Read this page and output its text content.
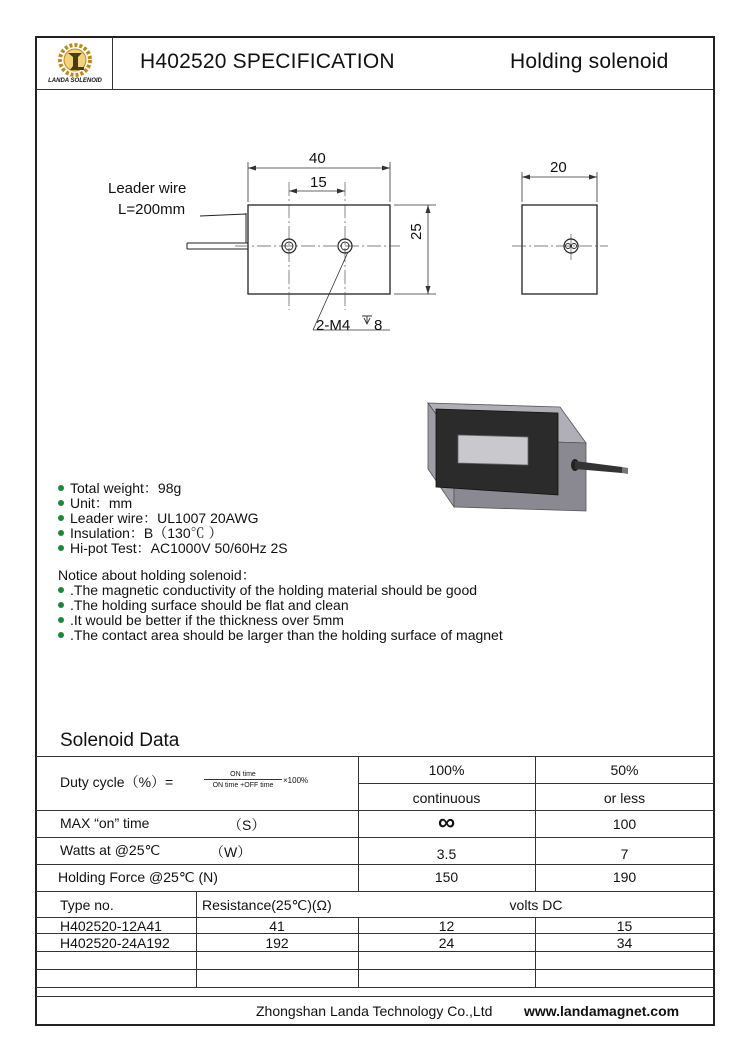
LANDA SOLENOID
H402520 SPECIFICATION	Holding solenoid
40
15
25
20
Leader wire
L=200mm
2-M4 8
Total weight：98g
Unit：mm
Leader wire：UL1007 20AWG
Insulation：B（130℃ ）
Hi-pot Test：AC1000V 50/60Hz 2S
Notice about holding solenoid：
.The magnetic conductivity of the holding material should be good
.The holding surface should be flat and clean
.It would be better if the thickness over 5mm
.The contact area should be larger than the holding surface of magnet
Solenoid Data
Duty cycle（%）=	ON time
ON time +OFF time
×100%
100%	50%
continuous	or less
MAX “on” time	（S）	∞	100
Watts at @25℃	（W）	3.5	7
Holding Force @25℃ (N)	150	190
Type no.	Resistance(25℃)(Ω)	volts DC
H402520-12A41	41	12	15
H402520-24A192	192	24	34
Zhongshan Landa Technology Co.,Ltd www.landamagnet.com
